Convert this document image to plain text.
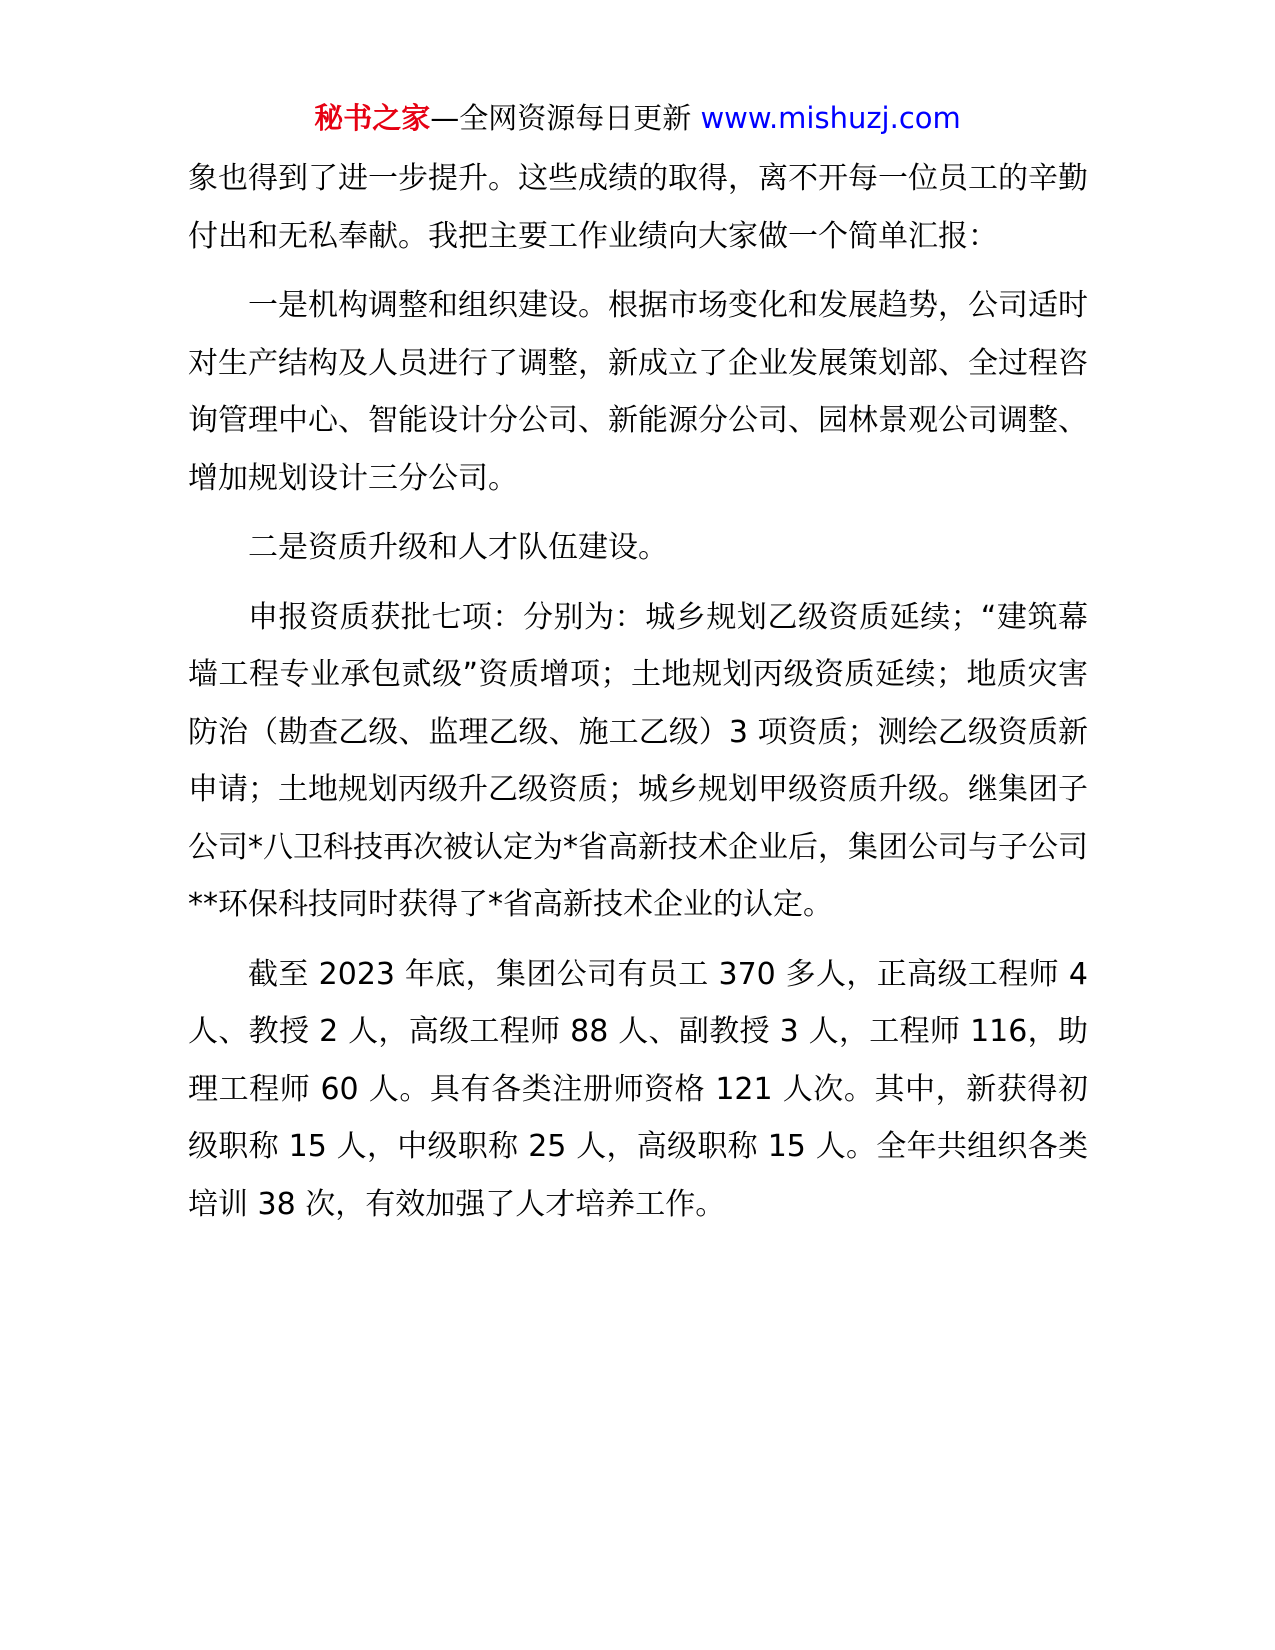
秘书之家—全网资源每日更新 www.mishuzj.com

象也得到了进一步提升。这些成绩的取得，离不开每一位员工的辛勤付出和无私奉献。我把主要工作业绩向大家做一个简单汇报：

一是机构调整和组织建设。根据市场变化和发展趋势，公司适时对生产结构及人员进行了调整，新成立了企业发展策划部、全过程咨询管理中心、智能设计分公司、新能源分公司、园林景观公司调整、增加规划设计三分公司。

二是资质升级和人才队伍建设。

申报资质获批七项：分别为：城乡规划乙级资质延续；“建筑幕墙工程专业承包贰级”资质增项；土地规划丙级资质延续；地质灾害防治（勘查乙级、监理乙级、施工乙级）3 项资质；测绘乙级资质新申请；土地规划丙级升乙级资质；城乡规划甲级资质升级。继集团子公司*八卫科技再次被认定为*省高新技术企业后，集团公司与子公司**环保科技同时获得了*省高新技术企业的认定。

截至 2023 年底，集团公司有员工 370 多人，正高级工程师 4 人、教授 2 人，高级工程师 88 人、副教授 3 人，工程师 116，助理工程师 60 人。具有各类注册师资格 121 人次。其中，新获得初级职称 15 人，中级职称 25 人，高级职称 15 人。全年共组织各类培训 38 次，有效加强了人才培养工作。
